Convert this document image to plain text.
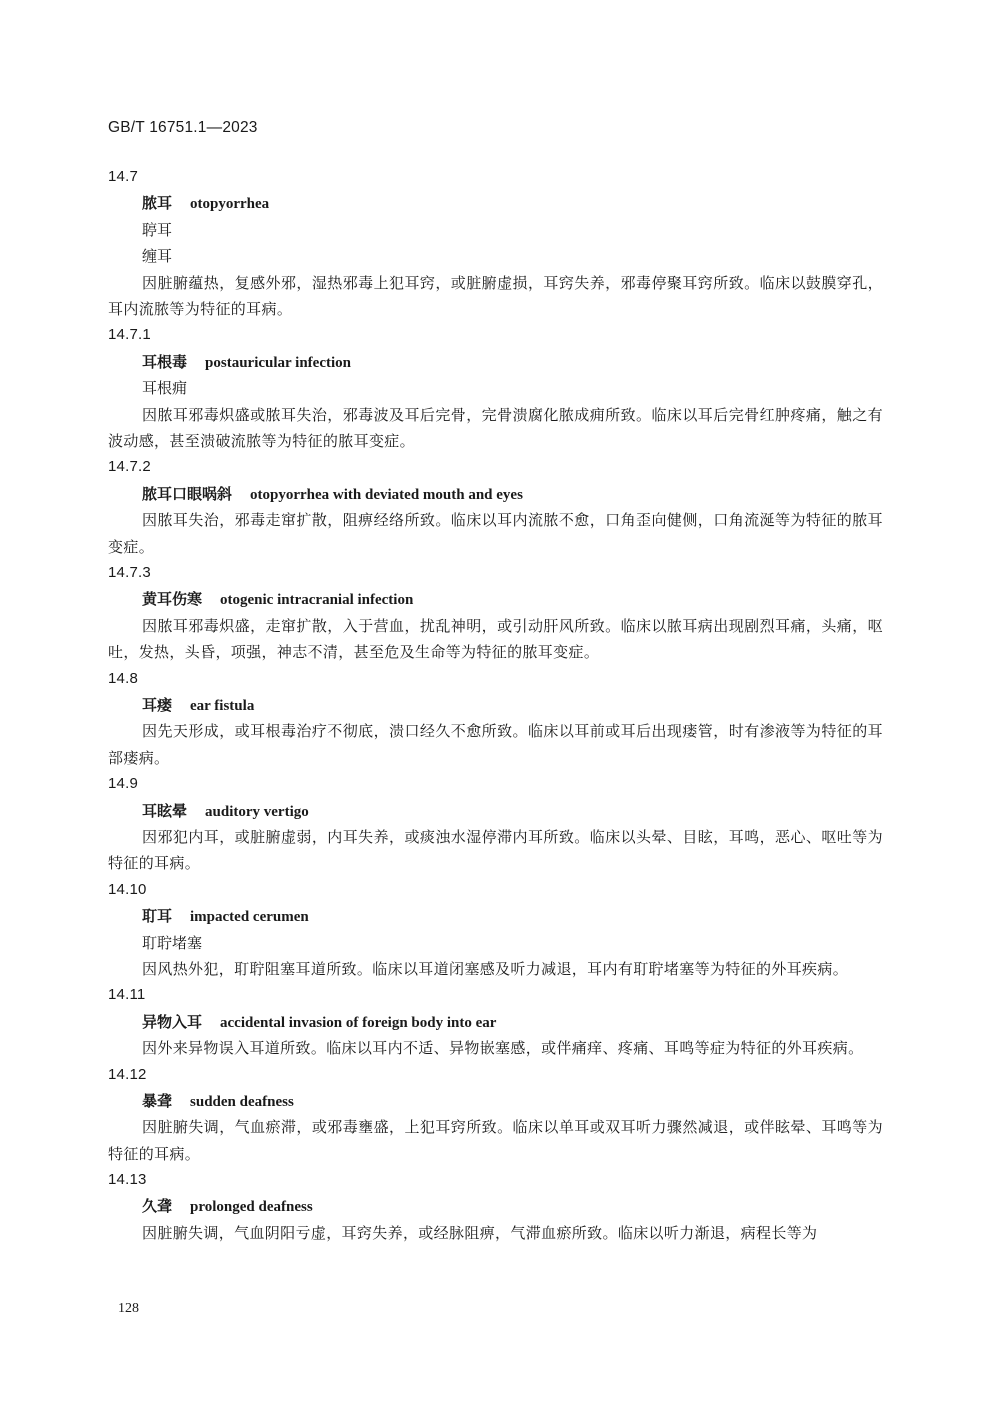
GB/T 16751.1—2023
14.7
脓耳 otopyorrhea
聤耳
缠耳
因脏腑蕴热，复感外邪，湿热邪毒上犯耳窍，或脏腑虚损，耳窍失养，邪毒停聚耳窍所致。临床以鼓膜穿孔，耳内流脓等为特征的耳病。
14.7.1
耳根毒 postauricular infection
耳根痈
因脓耳邪毒炽盛或脓耳失治，邪毒波及耳后完骨，完骨溃腐化脓成痈所致。临床以耳后完骨红肿疼痛，触之有波动感，甚至溃破流脓等为特征的脓耳变症。
14.7.2
脓耳口眼㖞斜 otopyorrhea with deviated mouth and eyes
因脓耳失治，邪毒走窜扩散，阻痹经络所致。临床以耳内流脓不愈，口角歪向健侧，口角流涎等为特征的脓耳变症。
14.7.3
黄耳伤寒 otogenic intracranial infection
因脓耳邪毒炽盛，走窜扩散，入于营血，扰乱神明，或引动肝风所致。临床以脓耳病出现剧烈耳痛，头痛，呕吐，发热，头昏，项强，神志不清，甚至危及生命等为特征的脓耳变症。
14.8
耳瘘 ear fistula
因先天形成，或耳根毒治疗不彻底，溃口经久不愈所致。临床以耳前或耳后出现瘘管，时有渗液等为特征的耳部瘘病。
14.9
耳眩晕 auditory vertigo
因邪犯内耳，或脏腑虚弱，内耳失养，或痰浊水湿停滞内耳所致。临床以头晕、目眩，耳鸣，恶心、呕吐等为特征的耳病。
14.10
耵耳 impacted cerumen
耵聍堵塞
因风热外犯，耵聍阻塞耳道所致。临床以耳道闭塞感及听力减退，耳内有耵聍堵塞等为特征的外耳疾病。
14.11
异物入耳 accidental invasion of foreign body into ear
因外来异物误入耳道所致。临床以耳内不适、异物嵌塞感，或伴痛痒、疼痛、耳鸣等症为特征的外耳疾病。
14.12
暴聋 sudden deafness
因脏腑失调，气血瘀滞，或邪毒壅盛，上犯耳窍所致。临床以单耳或双耳听力骤然减退，或伴眩晕、耳鸣等为特征的耳病。
14.13
久聋 prolonged deafness
因脏腑失调，气血阴阳亏虚，耳窍失养，或经脉阻痹，气滞血瘀所致。临床以听力渐退，病程长等为
128
